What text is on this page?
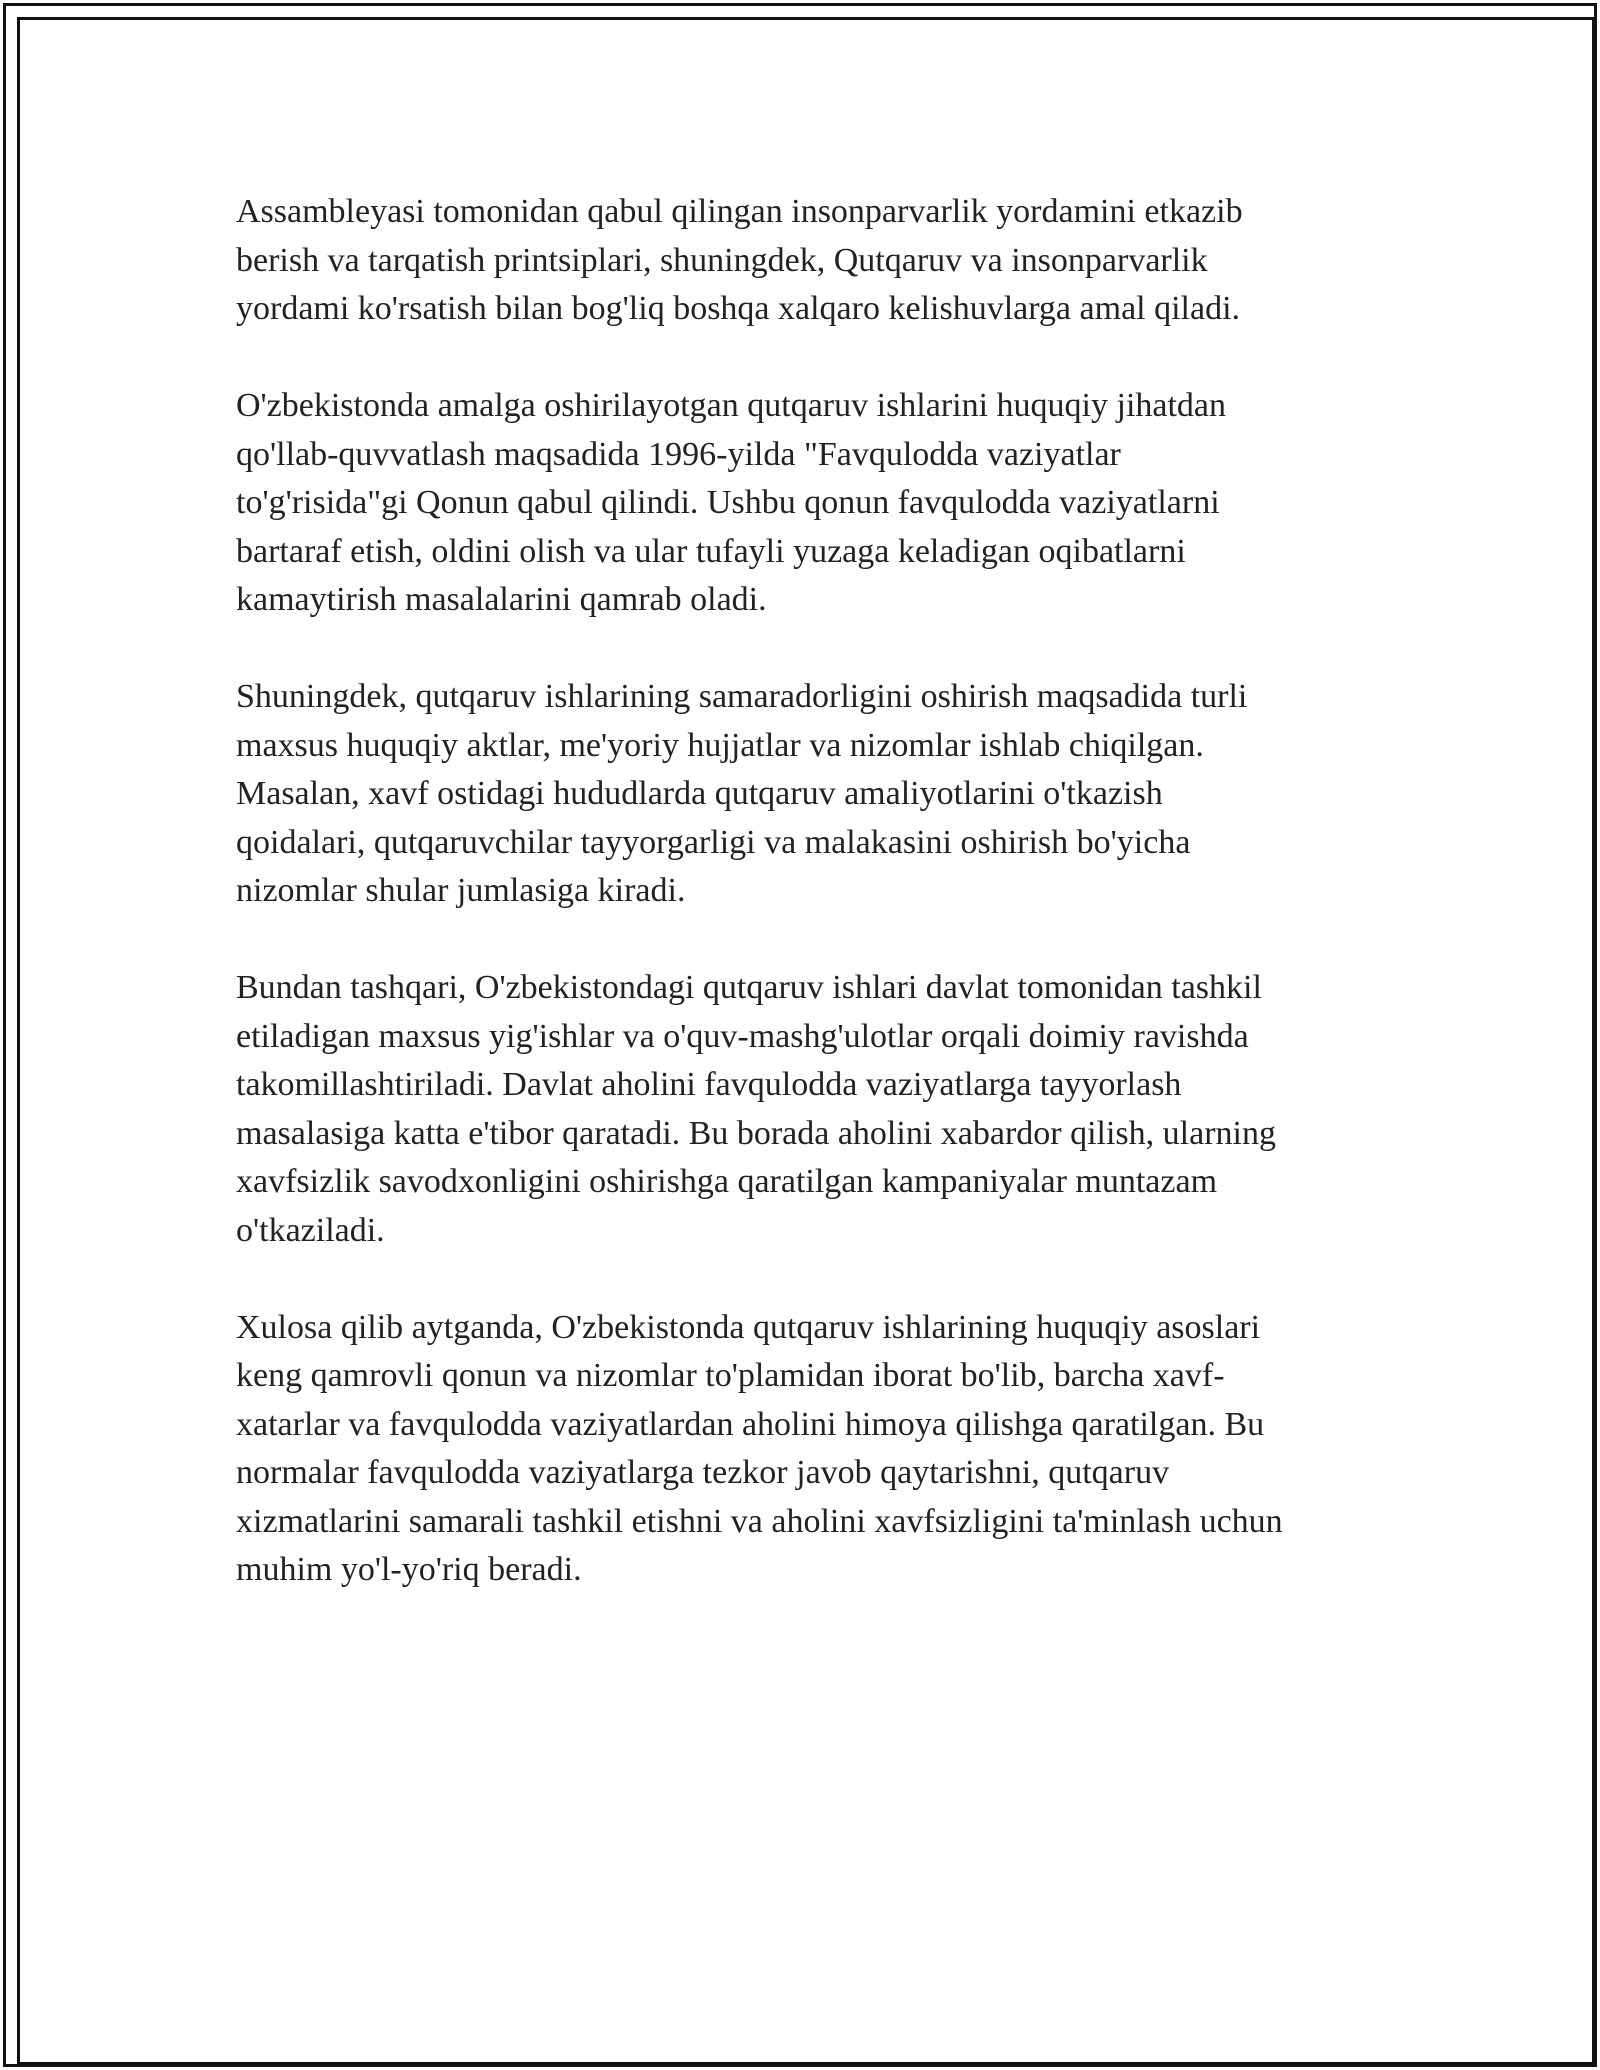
Assambleyasi tomonidan qabul qilingan insonparvarlik yordamini etkazib
berish va tarqatish printsiplari, shuningdek, Qutqaruv va insonparvarlik
yordami ko'rsatish bilan bog'liq boshqa xalqaro kelishuvlarga amal qiladi.

O'zbekistonda amalga oshirilayotgan qutqaruv ishlarini huquqiy jihatdan
qo'llab-quvvatlash maqsadida 1996-yilda "Favqulodda vaziyatlar
to'g'risida"gi Qonun qabul qilindi. Ushbu qonun favqulodda vaziyatlarni
bartaraf etish, oldini olish va ular tufayli yuzaga keladigan oqibatlarni
kamaytirish masalalarini qamrab oladi.

Shuningdek, qutqaruv ishlarining samaradorligini oshirish maqsadida turli
maxsus huquqiy aktlar, me'yoriy hujjatlar va nizomlar ishlab chiqilgan.
Masalan, xavf ostidagi hududlarda qutqaruv amaliyotlarini o'tkazish
qoidalari, qutqaruvchilar tayyorgarligi va malakasini oshirish bo'yicha
nizomlar shular jumlasiga kiradi.

Bundan tashqari, O'zbekistondagi qutqaruv ishlari davlat tomonidan tashkil
etiladigan maxsus yig'ishlar va o'quv-mashg'ulotlar orqali doimiy ravishda
takomillashtiriladi. Davlat aholini favqulodda vaziyatlarga tayyorlash
masalasiga katta e'tibor qaratadi. Bu borada aholini xabardor qilish, ularning
xavfsizlik savodxonligini oshirishga qaratilgan kampaniyalar muntazam
o'tkaziladi.

Xulosa qilib aytganda, O'zbekistonda qutqaruv ishlarining huquqiy asoslari
keng qamrovli qonun va nizomlar to'plamidan iborat bo'lib, barcha xavf-
xatarlar va favqulodda vaziyatlardan aholini himoya qilishga qaratilgan. Bu
normalar favqulodda vaziyatlarga tezkor javob qaytarishni, qutqaruv
xizmatlarini samarali tashkil etishni va aholini xavfsizligini ta'minlash uchun
muhim yo'l-yo'riq beradi.
